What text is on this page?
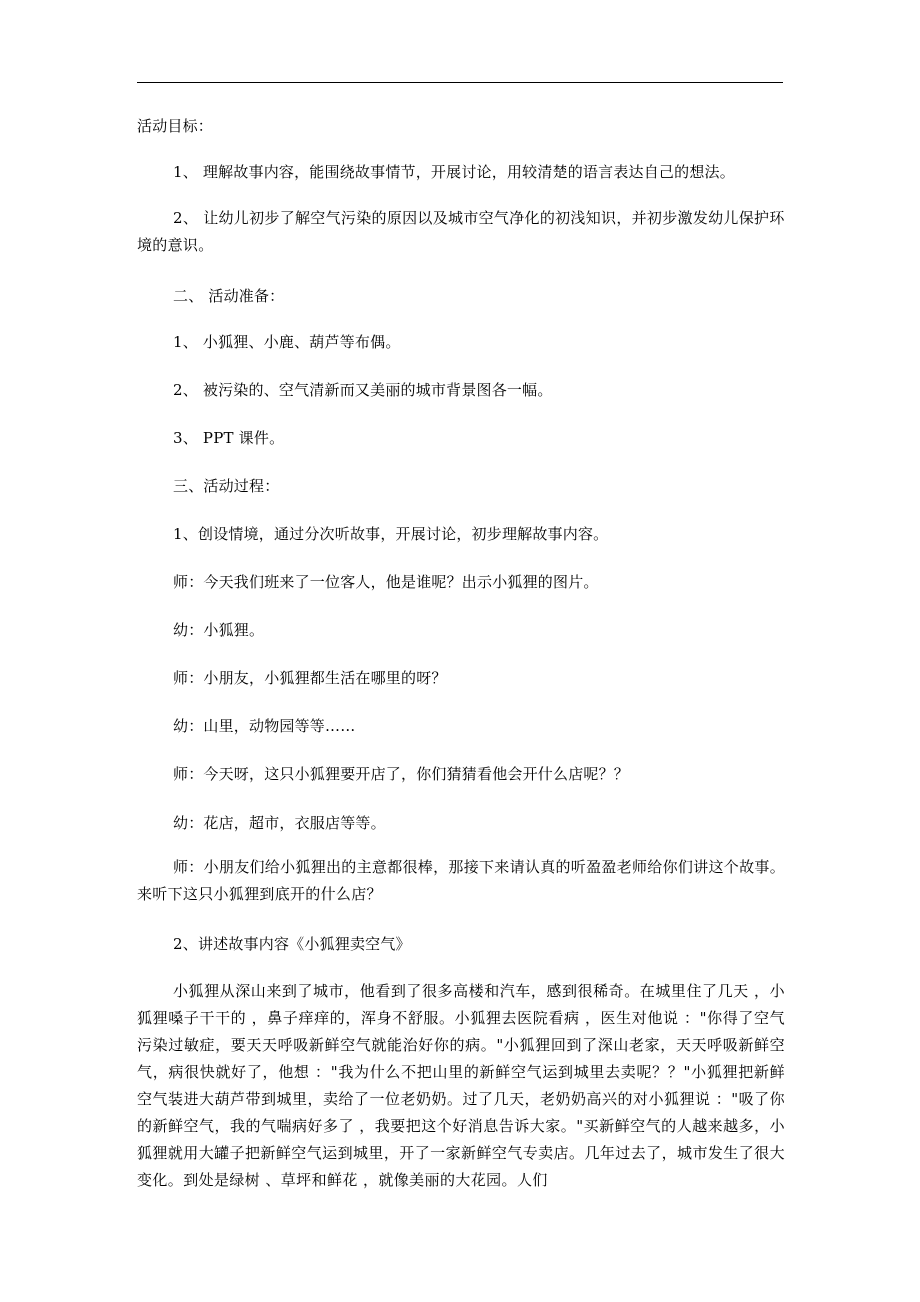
活动目标：
1、 理解故事内容，能围绕故事情节，开展讨论，用较清楚的语言表达自己的想法。
2、 让幼儿初步了解空气污染的原因以及城市空气净化的初浅知识，并初步激发幼儿保护环境的意识。
二、 活动准备：
1、 小狐狸、小鹿、葫芦等布偶。
2、 被污染的、空气清新而又美丽的城市背景图各一幅。
3、 PPT 课件。
三、活动过程：
1、创设情境，通过分次听故事，开展讨论，初步理解故事内容。
师：今天我们班来了一位客人，他是谁呢？出示小狐狸的图片。
幼：小狐狸。
师：小朋友，小狐狸都生活在哪里的呀？
幼：山里，动物园等等……
师：今天呀，这只小狐狸要开店了，你们猜猜看他会开什么店呢？？
幼：花店，超市，衣服店等等。
师：小朋友们给小狐狸出的主意都很棒，那接下来请认真的听盈盈老师给你们讲这个故事。来听下这只小狐狸到底开的什么店？
2、讲述故事内容《小狐狸卖空气》
小狐狸从深山来到了城市，他看到了很多高楼和汽车，感到很稀奇。在城里住了几天 ，小狐狸嗓子干干的 ，鼻子痒痒的，浑身不舒服。小狐狸去医院看病 ，医生对他说 ："你得了空气污染过敏症，要天天呼吸新鲜空气就能治好你的病。"小狐狸回到了深山老家，天天呼吸新鲜空气，病很快就好了，他想 ："我为什么不把山里的新鲜空气运到城里去卖呢？？"小狐狸把新鲜空气装进大葫芦带到城里，卖给了一位老奶奶。过了几天，老奶奶高兴的对小狐狸说 ："吸了你的新鲜空气，我的气喘病好多了 ，我要把这个好消息告诉大家。"买新鲜空气的人越来越多，小狐狸就用大罐子把新鲜空气运到城里，开了一家新鲜空气专卖店。几年过去了，城市发生了很大变化。到处是绿树 、草坪和鲜花 ，就像美丽的大花园。人们
